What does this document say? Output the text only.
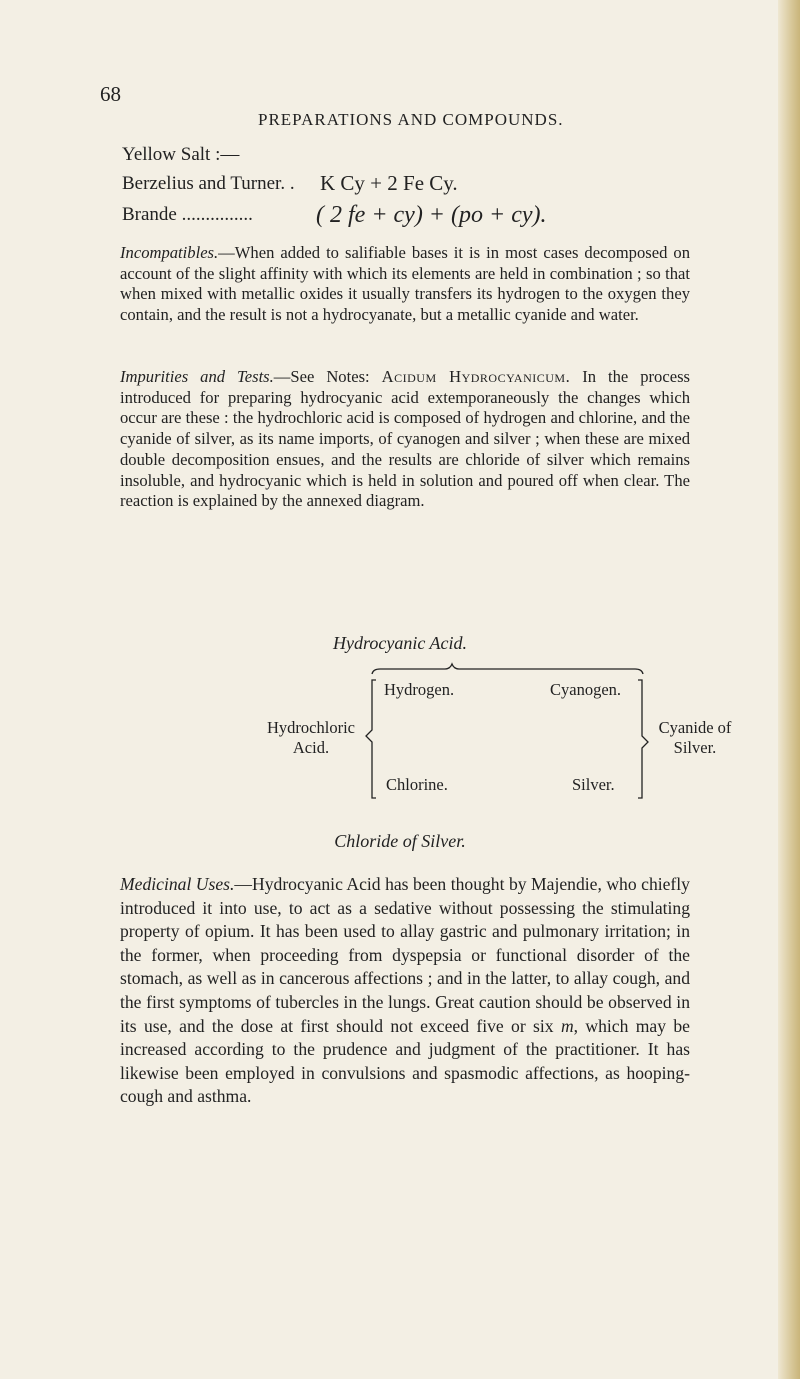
68
PREPARATIONS AND COMPOUNDS.
Yellow Salt :—
Berzelius and Turner. . K Cy + 2 Fe Cy.
Brande ...............	( 2 fe + cy) + (po + cy).
Incompatibles.—When added to salifiable bases it is in most cases decomposed on account of the slight affinity with which its elements are held in combination ; so that when mixed with metallic oxides it usually transfers its hydrogen to the oxygen they contain, and the result is not a hydrocyanate, but a metallic cyanide and water.
Impurities and Tests.—See Notes: Acidum Hydrocyanicum. In the process introduced for preparing hydrocyanic acid extemporaneously the changes which occur are these : the hydrochloric acid is composed of hydrogen and chlorine, and the cyanide of silver, as its name imports, of cyanogen and silver ; when these are mixed double decomposition ensues, and the results are chloride of silver which remains insoluble, and hydrocyanic which is held in solution and poured off when clear. The reaction is explained by the annexed diagram.
Hydrocyanic Acid.
Hydrogen.	Cyanogen.
Chlorine.	Silver.
Hydrochloric
Acid.
Cyanide of
Silver.
Chloride of Silver.
Medicinal Uses.—Hydrocyanic Acid has been thought by Majendie, who chiefly introduced it into use, to act as a sedative without possessing the stimulating property of opium. It has been used to allay gastric and pulmonary irritation; in the former, when proceeding from dyspepsia or functional disorder of the stomach, as well as in cancerous affections ; and in the latter, to allay cough, and the first symptoms of tubercles in the lungs. Great caution should be observed in its use, and the dose at first should not exceed five or six m, which may be increased according to the prudence and judgment of the practitioner. It has likewise been employed in convulsions and spasmodic affections, as hooping-cough and asthma.
